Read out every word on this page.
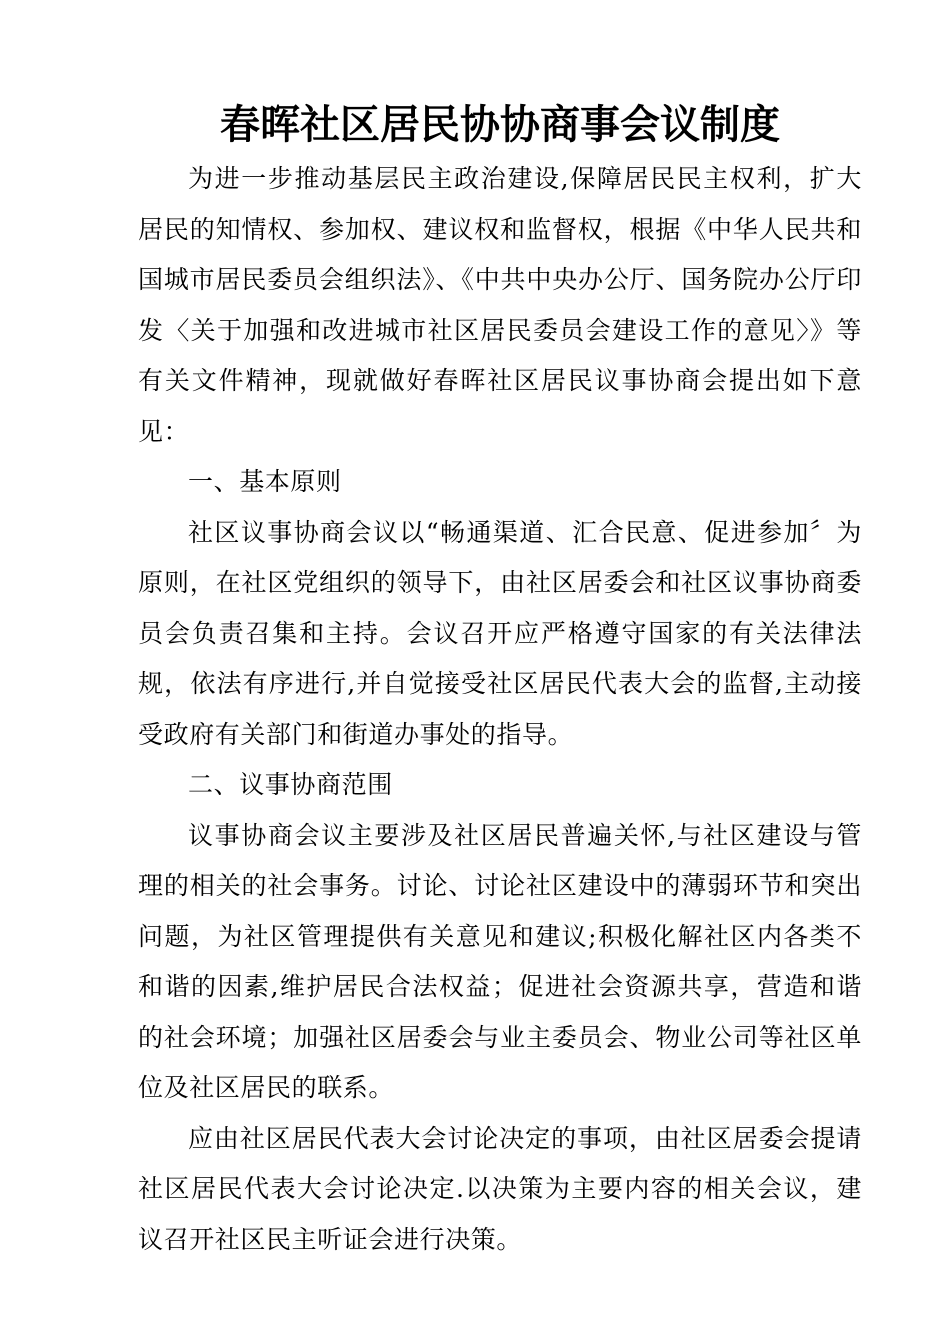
春晖社区居民协协商事会议制度

为进一步推动基层民主政治建设,保障居民民主权利，扩大居民的知情权、参加权、建议权和监督权，根据《中华人民共和国城市居民委员会组织法》、《中共中央办公厅、国务院办公厅印发〈关于加强和改进城市社区居民委员会建设工作的意见〉》等有关文件精神，现就做好春晖社区居民议事协商会提出如下意见：

一、基本原则

社区议事协商会议以“畅通渠道、汇合民意、促进参加〞为原则，在社区党组织的领导下，由社区居委会和社区议事协商委员会负责召集和主持。会议召开应严格遵守国家的有关法律法规，依法有序进行,并自觉接受社区居民代表大会的监督,主动接受政府有关部门和街道办事处的指导。

二、议事协商范围

议事协商会议主要涉及社区居民普遍关怀,与社区建设与管理的相关的社会事务。讨论、讨论社区建设中的薄弱环节和突出问题，为社区管理提供有关意见和建议;积极化解社区内各类不和谐的因素,维护居民合法权益；促进社会资源共享，营造和谐的社会环境；加强社区居委会与业主委员会、物业公司等社区单位及社区居民的联系。

应由社区居民代表大会讨论决定的事项，由社区居委会提请社区居民代表大会讨论决定.以决策为主要内容的相关会议，建议召开社区民主听证会进行决策。
